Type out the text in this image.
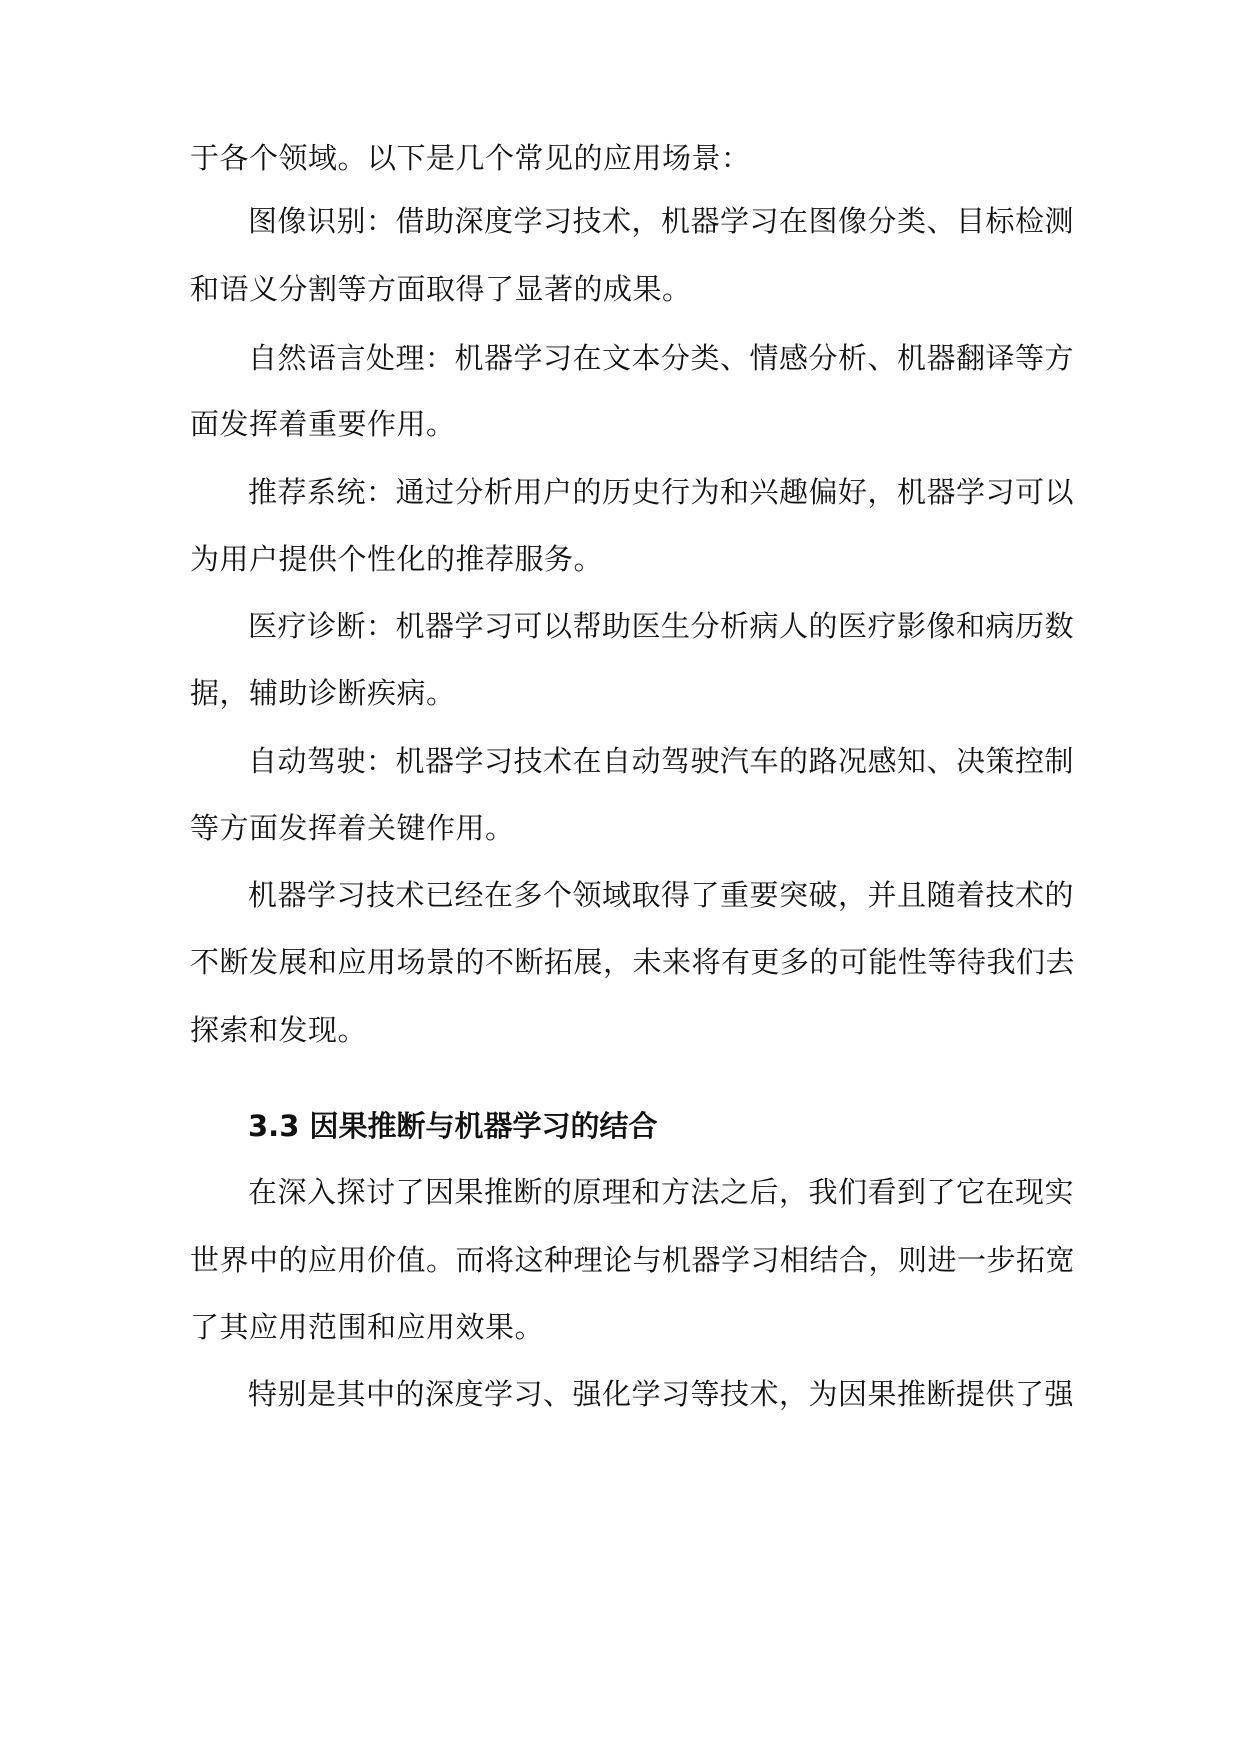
于各个领域。以下是几个常见的应用场景：
图像识别：借助深度学习技术，机器学习在图像分类、目标检测
和语义分割等方面取得了显著的成果。
自然语言处理：机器学习在文本分类、情感分析、机器翻译等方
面发挥着重要作用。
推荐系统：通过分析用户的历史行为和兴趣偏好，机器学习可以
为用户提供个性化的推荐服务。
医疗诊断：机器学习可以帮助医生分析病人的医疗影像和病历数
据，辅助诊断疾病。
自动驾驶：机器学习技术在自动驾驶汽车的路况感知、决策控制
等方面发挥着关键作用。
机器学习技术已经在多个领域取得了重要突破，并且随着技术的
不断发展和应用场景的不断拓展，未来将有更多的可能性等待我们去
探索和发现。
3.3 因果推断与机器学习的结合
在深入探讨了因果推断的原理和方法之后，我们看到了它在现实
世界中的应用价值。而将这种理论与机器学习相结合，则进一步拓宽
了其应用范围和应用效果。
特别是其中的深度学习、强化学习等技术，为因果推断提供了强
